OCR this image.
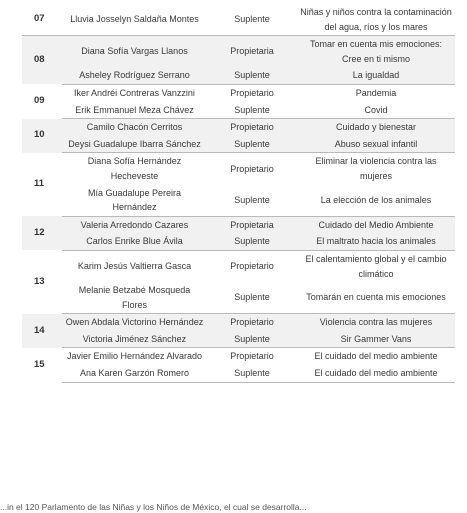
07	Lluvia Josselyn Saldaña Montes	Suplente	Niñas y niños contra la contaminación del agua, ríos y los mares
08	Diana Sofía Vargas Llanos	Propietaria	Tomar en cuenta mis emociones: Cree en ti mismo
	Asheley Rodríguez Serrano	Suplente	La igualdad
09	Iker Andréi Contreras Vanzzini	Propietario	Pandemia
	Erik Emmanuel Meza Chávez	Suplente	Covid
10	Camilo Chacón Cerritos	Propietario	Cuidado y bienestar
	Deysi Guadalupe Ibarra Sánchez	Suplente	Abuso sexual infantil
11	Diana Sofía Hernández Hecheveste	Propietario	Eliminar la violencia contra las mujeres
	Mía Guadalupe Pereira Hernández	Suplente	La elección de los animales
12	Valeria Arredondo Cazares	Propietaria	Cuidado del Medio Ambiente
	Carlos Enrike Blue Ávila	Suplente	El maltrato hacia los animales
13	Karim Jesús Valtierra Gasca	Propietario	El calentamiento global y el cambio climático
	Melanie Betzabé Mosqueda Flores	Suplente	Tomarán en cuenta mis emociones
14	Owen Abdala Victorino Hernández	Propietario	Violencia contra las mujeres
	Victoria Jiménez Sánchez	Suplente	Sir Gammer Vans
15	Javier Emilio Hernández Alvarado	Propietario	El cuidado del medio ambiente
	Ana Karen Garzón Romero	Suplente	El cuidado del medio ambiente
...in el 120 Parlamento de las Niñas y los Niños de México, el cual se desarrolla...
